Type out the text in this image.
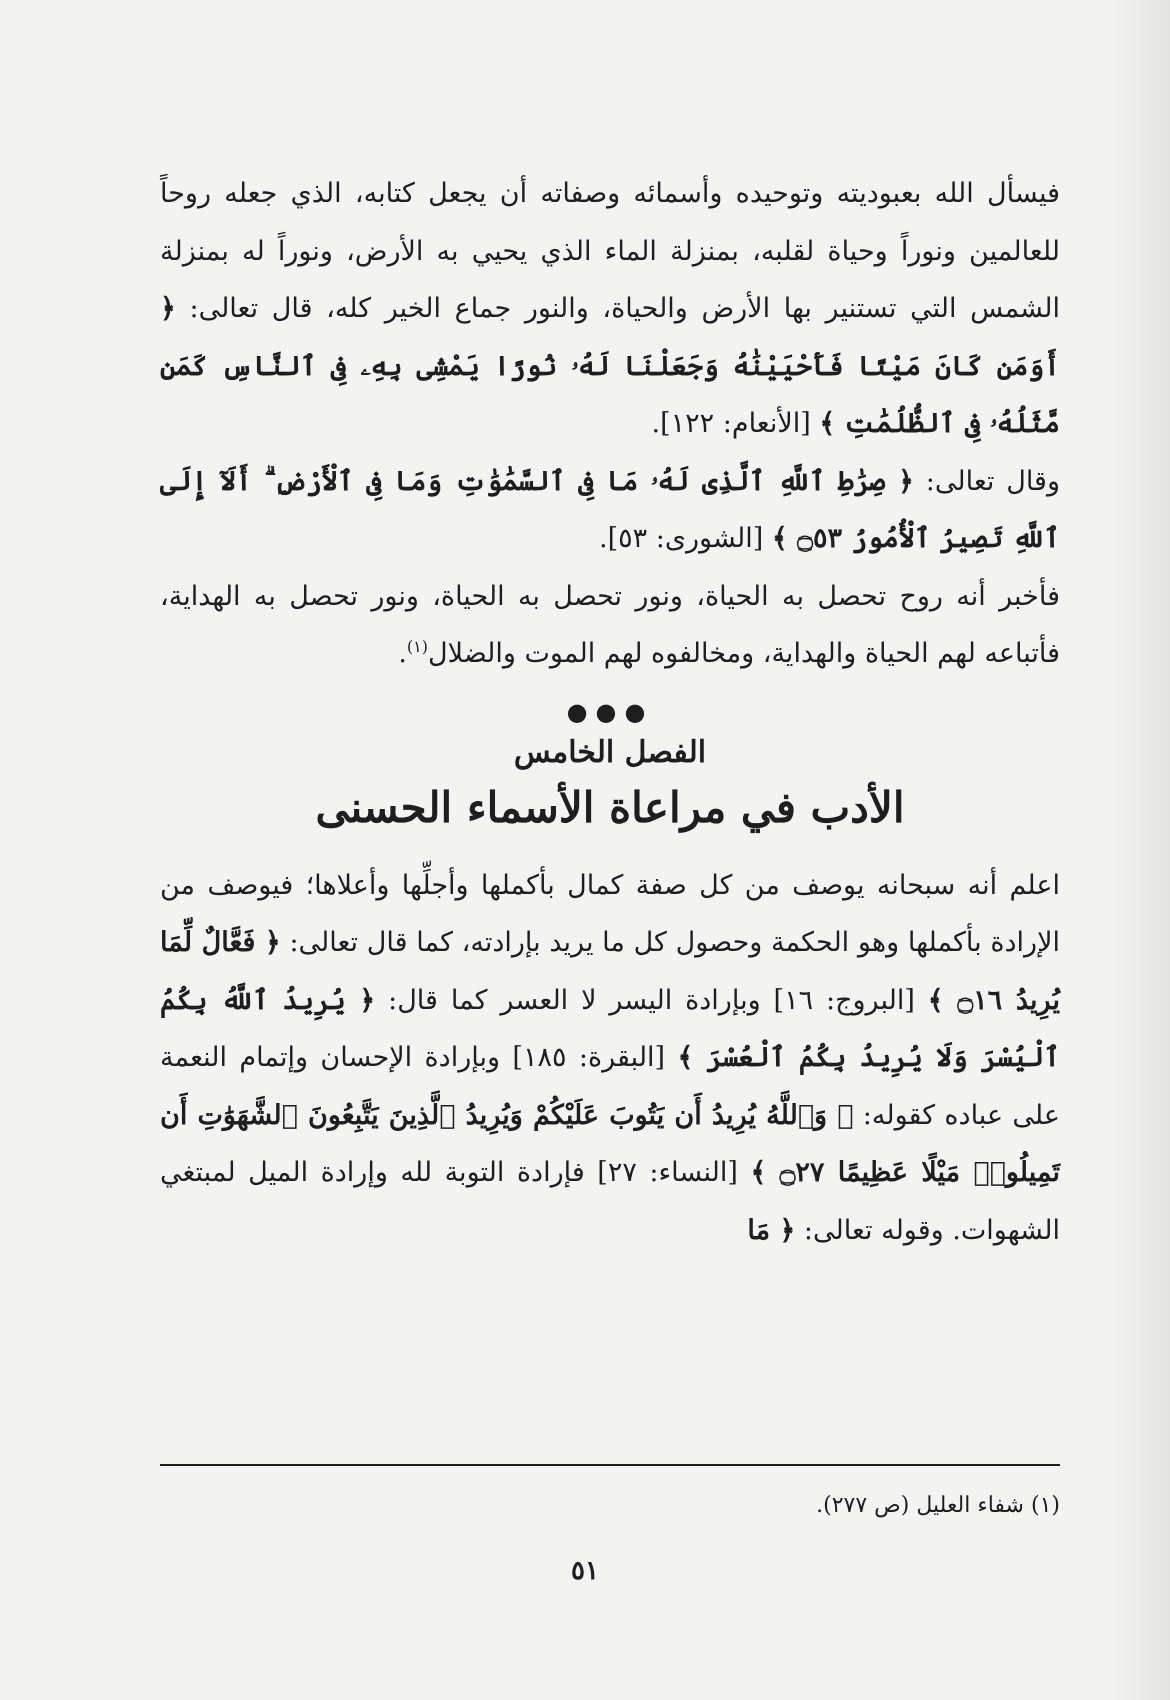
فيسأل الله بعبوديته وتوحيده وأسمائه وصفاته أن يجعل كتابه، الذي جعله روحاً للعالمين ونوراً وحياة لقلبه، بمنزلة الماء الذي يحيي به الأرض، ونوراً له بمنزلة الشمس التي تستنير بها الأرض والحياة، والنور جماع الخير كله، قال تعالى: ﴿ أَوَمَن كَانَ مَيْتًا فَأَحْيَيْنَٰهُ وَجَعَلْنَا لَهُۥ نُورًا يَمْشِى بِهِۦ فِى ٱلنَّاسِ كَمَن مَّثَلُهُۥ فِى ٱلظُّلُمَٰتِ ﴾ [الأنعام: ١٢٢].

وقال تعالى: ﴿ صِرَٰطِ ٱللَّهِ ٱلَّذِى لَهُۥ مَا فِى ٱلسَّمَٰوَٰتِ وَمَا فِى ٱلْأَرْضِ ۗ أَلَآ إِلَى ٱللَّهِ تَصِيرُ ٱلْأُمُورُ ۝٥٣ ﴾ [الشورى: ٥٣].

فأخبر أنه روح تحصل به الحياة، ونور تحصل به الحياة، ونور تحصل به الهداية، فأتباعه لهم الحياة والهداية، ومخالفوه لهم الموت والضلال$^{(١)}$.

●●●
الفصل الخامس
الأدب في مراعاة الأسماء الحسنى

اعلم أنه سبحانه يوصف من كل صفة كمال بأكملها وأجلِّها وأعلاها؛ فيوصف من الإرادة بأكملها وهو الحكمة وحصول كل ما يريد بإرادته، كما قال تعالى: ﴿ فَعَّالٌ لِّمَا يُرِيدُ ۝١٦ ﴾ [البروج: ١٦] وبإرادة اليسر لا العسر كما قال: ﴿ يُرِيدُ ٱللَّهُ بِكُمُ ٱلْيُسْرَ وَلَا يُرِيدُ بِكُمُ ٱلْعُسْرَ ﴾ [البقرة: ١٨٥] وبإرادة الإحسان وإتمام النعمة على عباده كقوله: ﴿ وَٱللَّهُ يُرِيدُ أَن يَتُوبَ عَلَيْكُمْ وَيُرِيدُ ٱلَّذِينَ يَتَّبِعُونَ ٱلشَّهَوَٰتِ أَن تَمِيلُوا۟ مَيْلًا عَظِيمًا ۝٢٧ ﴾ [النساء: ٢٧] فإرادة التوبة لله وإرادة الميل لمبتغي الشهوات. وقوله تعالى: ﴿ مَا

(١) شفاء العليل (ص ٢٧٧).

٥١
